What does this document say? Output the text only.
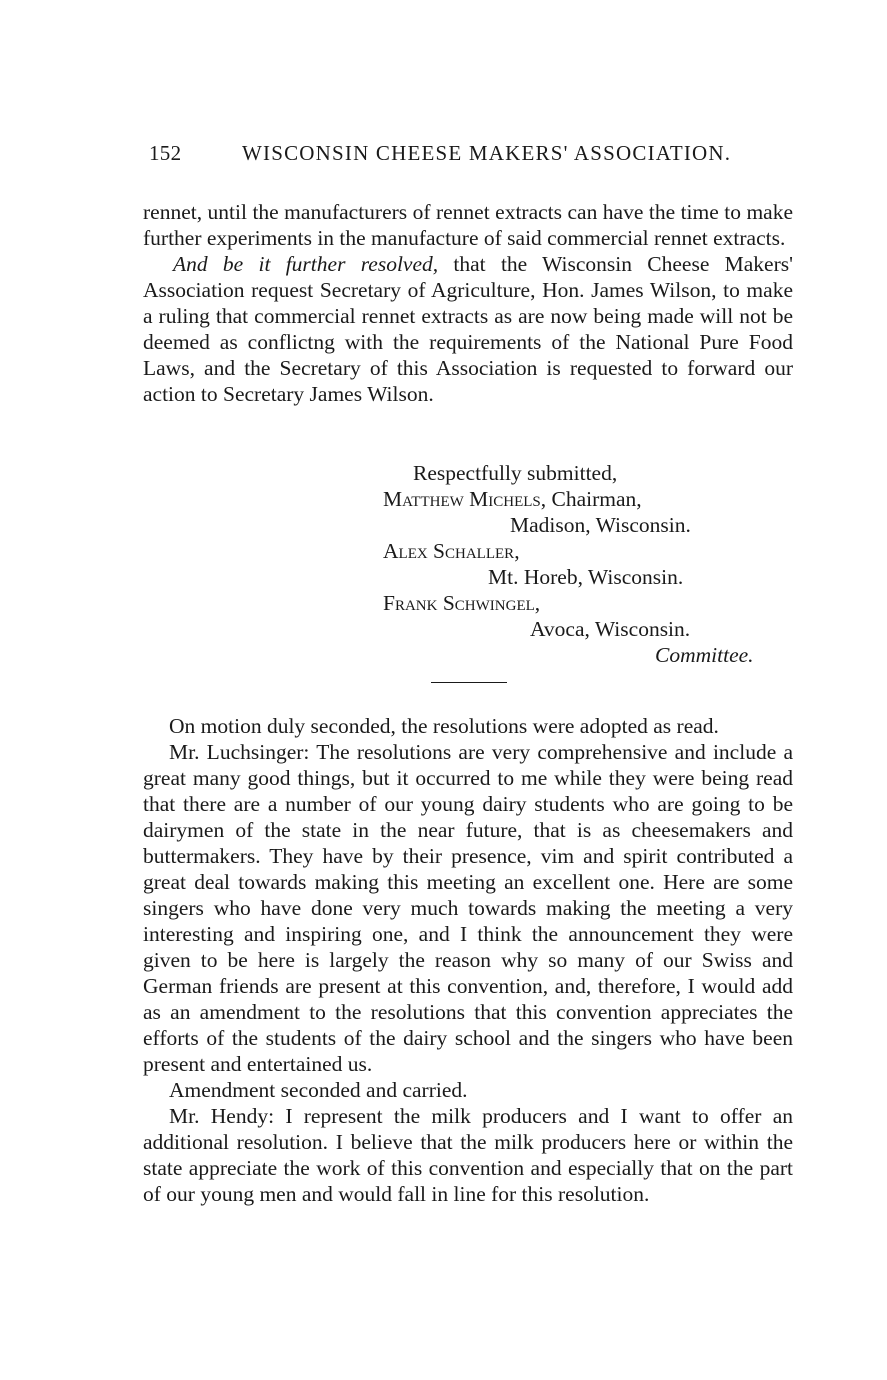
152	WISCONSIN CHEESE MAKERS' ASSOCIATION.

rennet, until the manufacturers of rennet extracts can have the time to make further experiments in the manufacture of said commercial rennet extracts.

And be it further resolved, that the Wisconsin Cheese Makers' Association request Secretary of Agriculture, Hon. James Wilson, to make a ruling that commercial rennet extracts as are now being made will not be deemed as conflictng with the requirements of the National Pure Food Laws, and the Secretary of this Association is requested to forward our action to Secretary James Wilson.

Respectfully submitted,
Matthew Michels, Chairman,
Madison, Wisconsin.
Alex Schaller,
Mt. Horeb, Wisconsin.
Frank Schwingel,
Avoca, Wisconsin.
Committee.

On motion duly seconded, the resolutions were adopted as read.

Mr. Luchsinger: The resolutions are very comprehensive and include a great many good things, but it occurred to me while they were being read that there are a number of our young dairy students who are going to be dairymen of the state in the near future, that is as cheesemakers and buttermakers. They have by their presence, vim and spirit contributed a great deal towards making this meeting an excellent one. Here are some singers who have done very much towards making the meeting a very interesting and inspiring one, and I think the announcement they were given to be here is largely the reason why so many of our Swiss and German friends are present at this convention, and, therefore, I would add as an amendment to the resolutions that this convention appreciates the efforts of the students of the dairy school and the singers who have been present and entertained us.

Amendment seconded and carried.

Mr. Hendy: I represent the milk producers and I want to offer an additional resolution. I believe that the milk producers here or within the state appreciate the work of this convention and especially that on the part of our young men and would fall in line for this resolution.
